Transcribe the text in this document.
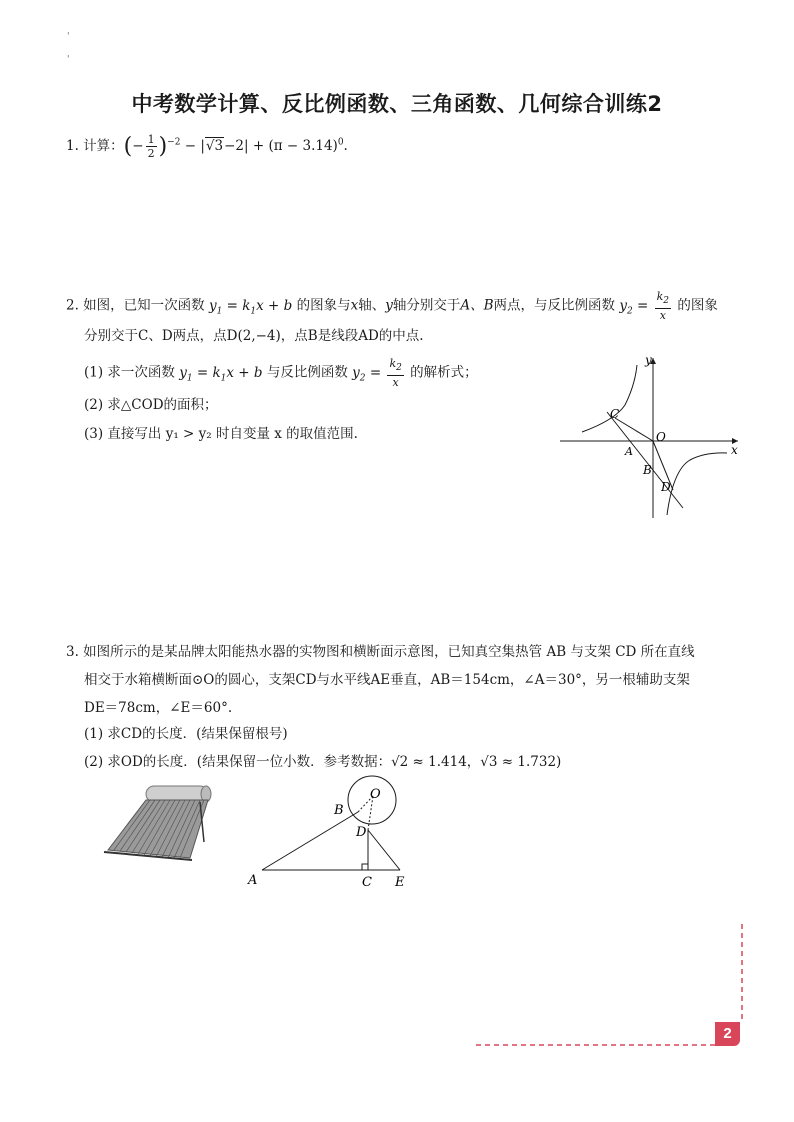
'
'
中考数学计算、反比例函数、三角函数、几何综合训练2
1. 计算：(− $\frac{1}{2} )^{-2} - |√3-2| + (\pi - 3.14)^0$.
2. 如图，已知一次函数 $y_1 = k_1x + b$ 的图象与x轴、y轴分别交于A、B两点，与反比例函数 $y_2 = \frac{k_2}{x}$ 的图象
分别交于C、D两点，点D(2,−4)，点B是线段AD的中点.
(1) 求一次函数 $y_1 = k_1x + b$ 与反比例函数 $y_2 = \frac{k_2}{x}$ 的解析式；
(2) 求△COD的面积；
(3) 直接写出 y₁ > y₂ 时自变量 x 的取值范围.
y
x
C
O
A
B
D
3. 如图所示的是某品牌太阳能热水器的实物图和横断面示意图，已知真空集热管 AB 与支架 CD 所在直线
相交于水箱横断面⊙O的圆心，支架CD与水平线AE垂直，AB＝154cm，∠A＝30°，另一根辅助支架
DE＝78cm，∠E＝60°.
(1) 求CD的长度．(结果保留根号)
(2) 求OD的长度．(结果保留一位小数．参考数据：√2 ≈ 1.414，√3 ≈ 1.732)
O
B
D
A	C E
2
